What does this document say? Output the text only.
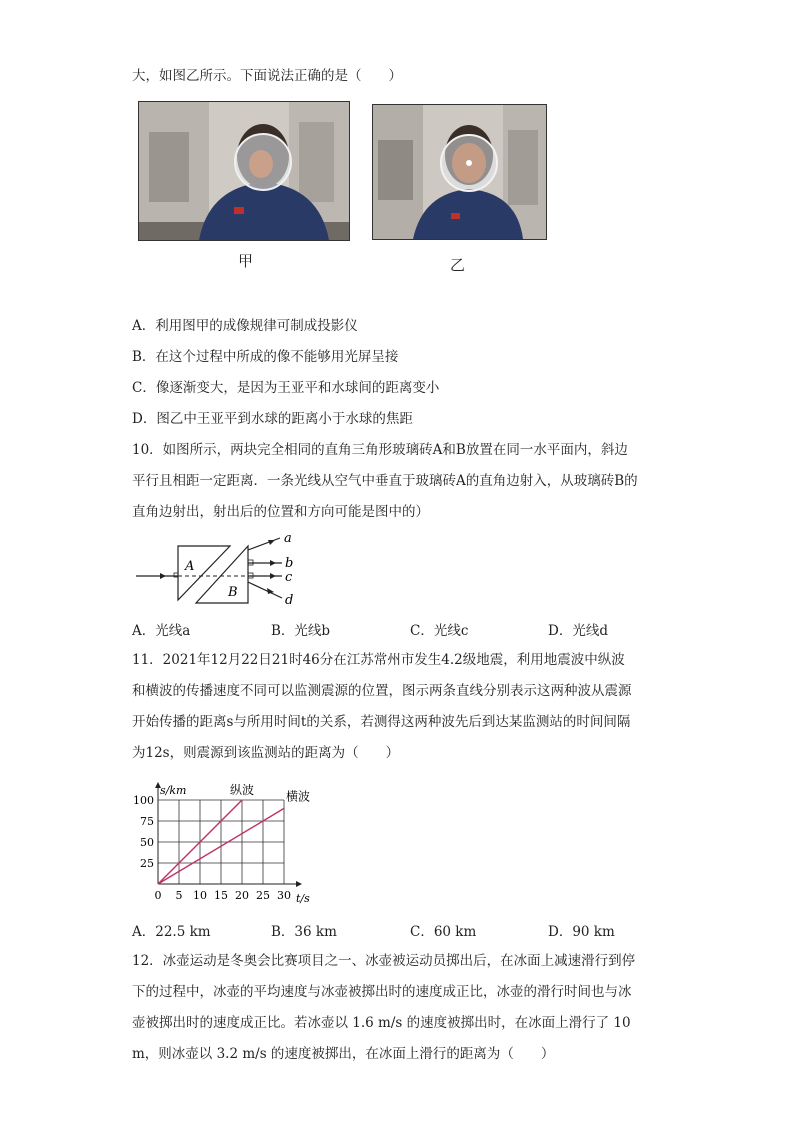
大，如图乙所示。下面说法正确的是（　　）
甲	乙
A．利用图甲的成像规律可制成投影仪
B．在这个过程中所成的像不能够用光屏呈接
C．像逐渐变大，是因为王亚平和水球间的距离变小
D．图乙中王亚平到水球的距离小于水球的焦距
10．如图所示，两块完全相同的直角三角形玻璃砖A和B放置在同一水平面内，斜边
平行且相距一定距离．一条光线从空气中垂直于玻璃砖A的直角边射入，从玻璃砖B的
直角边射出，射出后的位置和方向可能是图中的）
A
B
a
b
c
d
A．光线a	B．光线b	C．光线c	D．光线d
11．2021年12月22日21时46分在江苏常州市发生4.2级地震，利用地震波中纵波
和横波的传播速度不同可以监测震源的位置，图示两条直线分别表示这两种波从震源
开始传播的距离s与所用时间t的关系，若测得这两种波先后到达某监测站的时间间隔
为12s，则震源到该监测站的距离为（　　）
0 5 10 15 20 25 30
25
50
75
100
t/s
s/km	纵波	横波
A．22.5 km	B．36 km	C．60 km	D．90 km
12．冰壶运动是冬奥会比赛项目之一、冰壶被运动员掷出后，在冰面上减速滑行到停
下的过程中，冰壶的平均速度与冰壶被掷出时的速度成正比，冰壶的滑行时间也与冰
壶被掷出时的速度成正比。若冰壶以 1.6 m/s 的速度被掷出时，在冰面上滑行了 10
m，则冰壶以 3.2 m/s 的速度被掷出，在冰面上滑行的距离为（　　）
